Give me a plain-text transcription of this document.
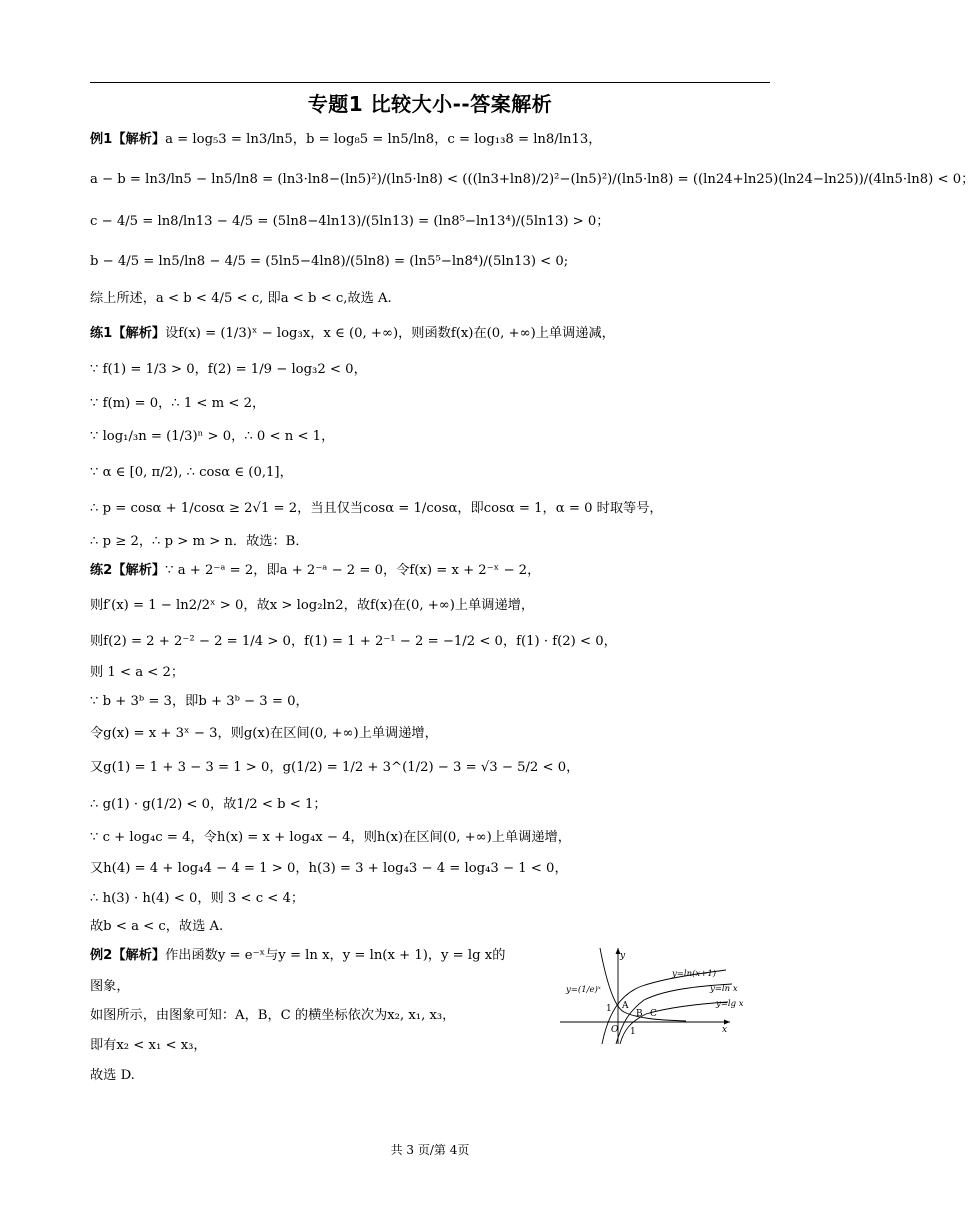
专题1 比较大小--答案解析
例1【解析】a = log₅3 = ln3/ln5，b = log₈5 = ln5/ln8，c = log₁₃8 = ln8/ln13，
a − b = ln3/ln5 − ln5/ln8 = (ln3·ln8−(ln5)²)/(ln5·ln8) < (((ln3+ln8)/2)²−(ln5)²)/(ln5·ln8) = ((ln24+ln25)(ln24−ln25))/(4ln5·ln8) < 0；
c − 4/5 = ln8/ln13 − 4/5 = (5ln8−4ln13)/(5ln13) = (ln8⁵−ln13⁴)/(5ln13) > 0；
b − 4/5 = ln5/ln8 − 4/5 = (5ln5−4ln8)/(5ln8) = (ln5⁵−ln8⁴)/(5ln13) < 0;
综上所述，a < b < 4/5 < c, 即a < b < c,故选 A.
练1【解析】设f(x) = (1/3)ˣ − log₃x，x ∈ (0, +∞)，则函数f(x)在(0, +∞)上单调递减，
∵ f(1) = 1/3 > 0，f(2) = 1/9 − log₃2 < 0，
∵ f(m) = 0，∴ 1 < m < 2，
∵ log₁/₃n = (1/3)ⁿ > 0，∴ 0 < n < 1，
∵ α ∈ [0, π/2), ∴ cosα ∈ (0,1]，
∴ p = cosα + 1/cosα ≥ 2√1 = 2，当且仅当cosα = 1/cosα，即cosα = 1，α = 0 时取等号，
∴ p ≥ 2，∴ p > m > n．故选：B．
练2【解析】∵ a + 2⁻ᵃ = 2，即a + 2⁻ᵃ − 2 = 0，令f(x) = x + 2⁻ˣ − 2，
则f′(x) = 1 − ln2/2ˣ > 0，故x > log₂ln2，故f(x)在(0, +∞)上单调递增，
则f(2) = 2 + 2⁻² − 2 = 1/4 > 0，f(1) = 1 + 2⁻¹ − 2 = −1/2 < 0，f(1) · f(2) < 0，
则 1 < a < 2；
∵ b + 3ᵇ = 3，即b + 3ᵇ − 3 = 0，
令g(x) = x + 3ˣ − 3，则g(x)在区间(0, +∞)上单调递增，
又g(1) = 1 + 3 − 3 = 1 > 0，g(1/2) = 1/2 + 3^(1/2) − 3 = √3 − 5/2 < 0，
∴ g(1) · g(1/2) < 0，故1/2 < b < 1；
∵ c + log₄c = 4，令h(x) = x + log₄x − 4，则h(x)在区间(0, +∞)上单调递增，
又h(4) = 4 + log₄4 − 4 = 1 > 0，h(3) = 3 + log₄3 − 4 = log₄3 − 1 < 0，
∴ h(3) · h(4) < 0，则 3 < c < 4；
故b < a < c，故选 A.
例2【解析】作出函数y = e⁻ˣ与y = ln x，y = ln(x + 1)，y = lg x的
图象，
如图所示，由图象可知：A，B，C 的横坐标依次为x₂, x₁, x₃，
即有x₂ < x₁ < x₃，
故选 D.
y
x
O 1
1
y=(1/e)ˣ
y=ln(x+1)
y=ln x
y=lg x
A
B C
共 3 页/第 4页
